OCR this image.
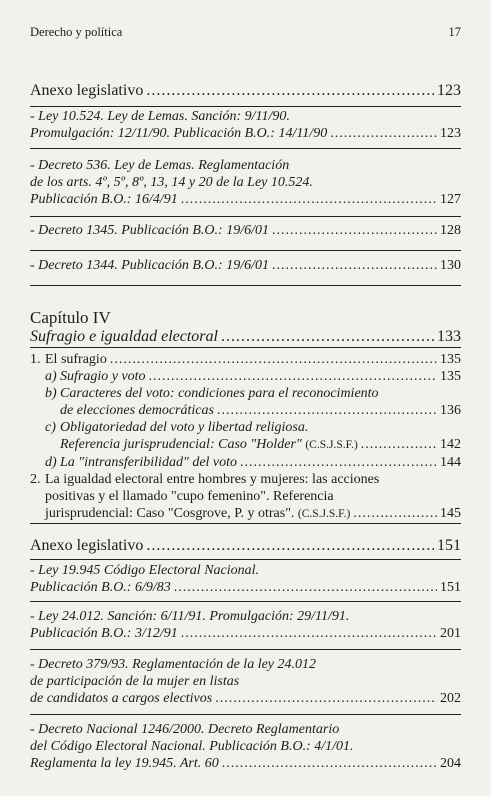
Derecho y política	17
Anexo legislativo .....	123
- Ley 10.524. Ley de Lemas. Sanción: 9/11/90.
Promulgación: 12/11/90. Publicación B.O.: 14/11/90 .....	123
- Decreto 536. Ley de Lemas. Reglamentación
de los arts. 4º, 5º, 8º, 13, 14 y 20 de la Ley 10.524.
Publicación B.O.: 16/4/91 .....	127
- Decreto 1345. Publicación B.O.: 19/6/01 .....	128
- Decreto 1344. Publicación B.O.: 19/6/01 .....	130
Capítulo IV
Sufragio e igualdad electoral .....	133
1. El sufragio .....	135
a) Sufragio y voto .....	135
b) Caracteres del voto: condiciones para el reconocimiento
de elecciones democráticas .....	136
c) Obligatoriedad del voto y libertad religiosa.
Referencia jurisprudencial: Caso "Holder" (C.S.J.S.F.) .....	142
d) La "intransferibilidad" del voto .....	144
2. La igualdad electoral entre hombres y mujeres: las acciones
positivas y el llamado "cupo femenino". Referencia
jurisprudencial: Caso "Cosgrove, P. y otras". (C.S.J.S.F.) .....	145
Anexo legislativo .....	151
- Ley 19.945 Código Electoral Nacional.
Publicación B.O.: 6/9/83 .....	151
- Ley 24.012. Sanción: 6/11/91. Promulgación: 29/11/91.
Publicación B.O.: 3/12/91 .....	201
- Decreto 379/93. Reglamentación de la ley 24.012
de participación de la mujer en listas
de candidatos a cargos electivos .....	202
- Decreto Nacional 1246/2000. Decreto Reglamentario
del Código Electoral Nacional. Publicación B.O.: 4/1/01.
Reglamenta la ley 19.945. Art. 60 .....	204
